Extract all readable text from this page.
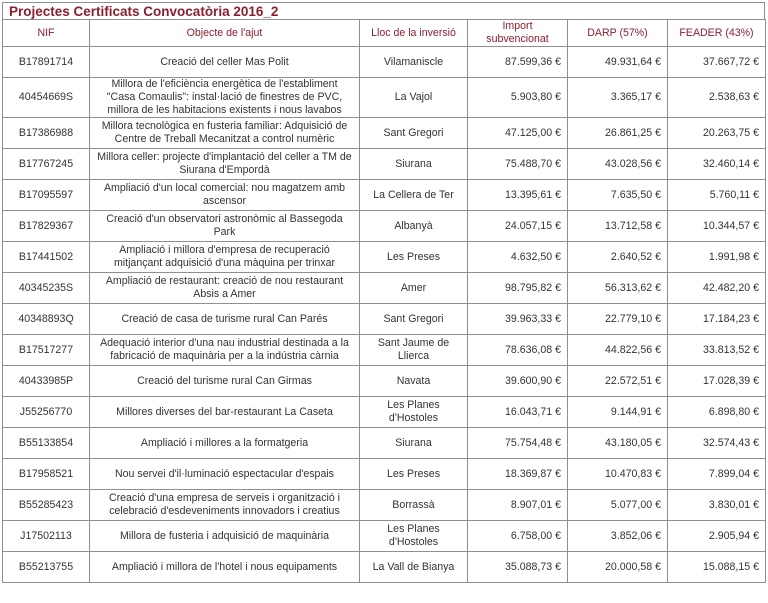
Projectes Certificats Convocatòria 2016_2
NIF	Objecte de l'ajut	Lloc de la inversió	Import subvencionat	DARP (57%)	FEADER (43%)
B17891714	Creació del celler Mas Polit	Vilamaniscle	87.599,36 €	49.931,64 €	37.667,72 €
40454669S	Millora de l'eficiència energètica de l'establiment "Casa Comaulis": instal·lació de finestres de PVC, millora de les habitacions existents i nous lavabos	La Vajol	5.903,80 €	3.365,17 €	2.538,63 €
B17386988	Millora tecnològica en fusteria familiar: Adquisició de Centre de Treball Mecanitzat a control numèric	Sant Gregori	47.125,00 €	26.861,25 €	20.263,75 €
B17767245	Millora celler: projecte d'implantació del celler a TM de Siurana d'Empordà	Siurana	75.488,70 €	43.028,56 €	32.460,14 €
B17095597	Ampliació d'un local comercial: nou magatzem amb ascensor	La Cellera de Ter	13.395,61 €	7.635,50 €	5.760,11 €
B17829367	Creació d'un observatori astronòmic al Bassegoda Park	Albanyà	24.057,15 €	13.712,58 €	10.344,57 €
B17441502	Ampliació i millora d'empresa de recuperació mitjançant adquisició d'una màquina per trinxar	Les Preses	4.632,50 €	2.640,52 €	1.991,98 €
40345235S	Ampliació de restaurant: creació de nou restaurant Absis a Amer	Amer	98.795,82 €	56.313,62 €	42.482,20 €
40348893Q	Creació de casa de turisme rural Can Parés	Sant Gregori	39.963,33 €	22.779,10 €	17.184,23 €
B17517277	Adequació interior d'una nau industrial destinada a la fabricació de maquinària per a la indústria càrnia	Sant Jaume de Llierca	78.636,08 €	44.822,56 €	33.813,52 €
40433985P	Creació del turisme rural Can Girmas	Navata	39.600,90 €	22.572,51 €	17.028,39 €
J55256770	Millores diverses del bar-restaurant La Caseta	Les Planes d'Hostoles	16.043,71 €	9.144,91 €	6.898,80 €
B55133854	Ampliació i millores a la formatgeria	Siurana	75.754,48 €	43.180,05 €	32.574,43 €
B17958521	Nou servei d'il·luminació espectacular d'espais	Les Preses	18.369,87 €	10.470,83 €	7.899,04 €
B55285423	Creació d'una empresa de serveis i organització i celebració d'esdeveniments innovadors i creatius	Borrassà	8.907,01 €	5.077,00 €	3.830,01 €
J17502113	Millora de fusteria i adquisició de maquinària	Les Planes d'Hostoles	6.758,00 €	3.852,06 €	2.905,94 €
B55213755	Ampliació i millora de l'hotel i nous equipaments	La Vall de Bianya	35.088,73 €	20.000,58 €	15.088,15 €
